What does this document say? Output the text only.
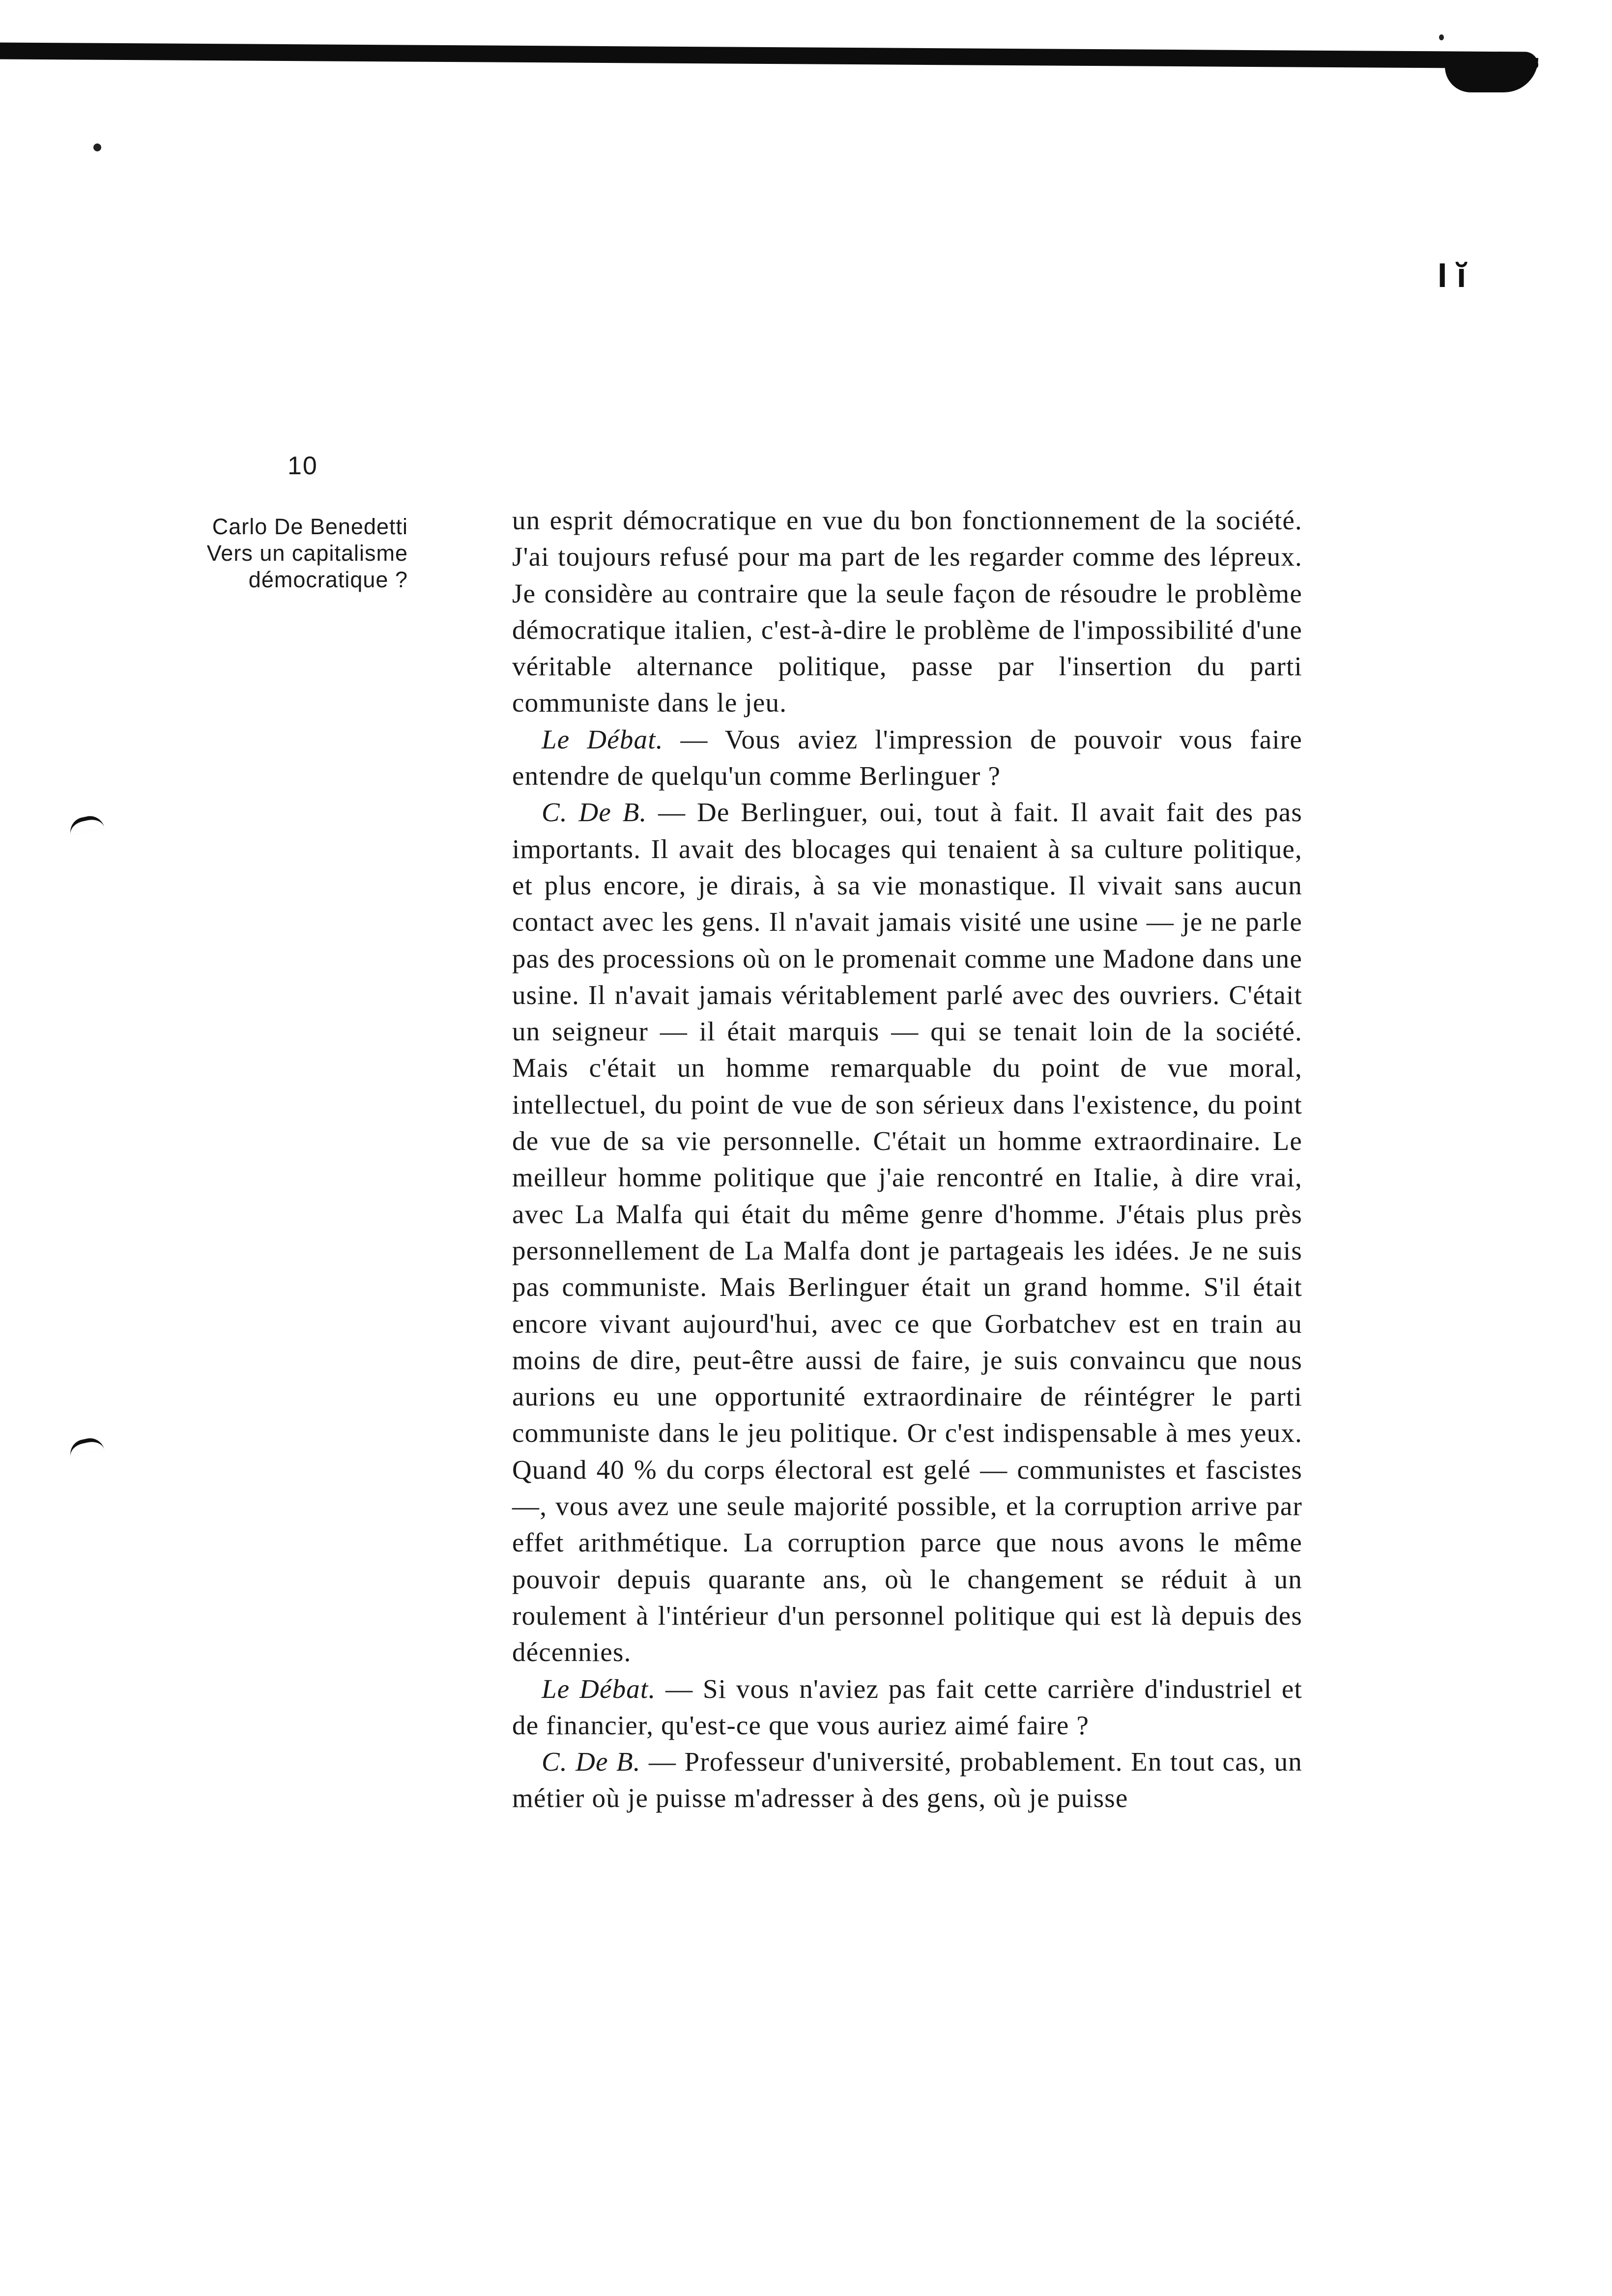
I ĭ
10
Carlo De Benedetti
Vers un capitalisme
démocratique ?

un esprit démocratique en vue du bon fonctionnement de la société. J'ai toujours refusé pour ma part de les regarder comme des lépreux. Je considère au contraire que la seule façon de résoudre le problème démocratique italien, c'est-à-dire le problème de l'impossibilité d'une véritable alternance politique, passe par l'insertion du parti communiste dans le jeu.

Le Débat. — Vous aviez l'impression de pouvoir vous faire entendre de quelqu'un comme Berlinguer ?

C. De B. — De Berlinguer, oui, tout à fait. Il avait fait des pas importants. Il avait des blocages qui tenaient à sa culture politique, et plus encore, je dirais, à sa vie monastique. Il vivait sans aucun contact avec les gens. Il n'avait jamais visité une usine — je ne parle pas des processions où on le promenait comme une Madone dans une usine. Il n'avait jamais véritablement parlé avec des ouvriers. C'était un seigneur — il était marquis — qui se tenait loin de la société. Mais c'était un homme remarquable du point de vue moral, intellectuel, du point de vue de son sérieux dans l'existence, du point de vue de sa vie personnelle. C'était un homme extraordinaire. Le meilleur homme politique que j'aie rencontré en Italie, à dire vrai, avec La Malfa qui était du même genre d'homme. J'étais plus près personnellement de La Malfa dont je partageais les idées. Je ne suis pas communiste. Mais Berlinguer était un grand homme. S'il était encore vivant aujourd'hui, avec ce que Gorbatchev est en train au moins de dire, peut-être aussi de faire, je suis convaincu que nous aurions eu une opportunité extraordinaire de réintégrer le parti communiste dans le jeu politique. Or c'est indispensable à mes yeux. Quand 40 % du corps électoral est gelé — communistes et fascistes —, vous avez une seule majorité possible, et la corruption arrive par effet arithmétique. La corruption parce que nous avons le même pouvoir depuis quarante ans, où le changement se réduit à un roulement à l'intérieur d'un personnel politique qui est là depuis des décennies.

Le Débat. — Si vous n'aviez pas fait cette carrière d'industriel et de financier, qu'est-ce que vous auriez aimé faire ?

C. De B. — Professeur d'université, probablement. En tout cas, un métier où je puisse m'adresser à des gens, où je puisse
